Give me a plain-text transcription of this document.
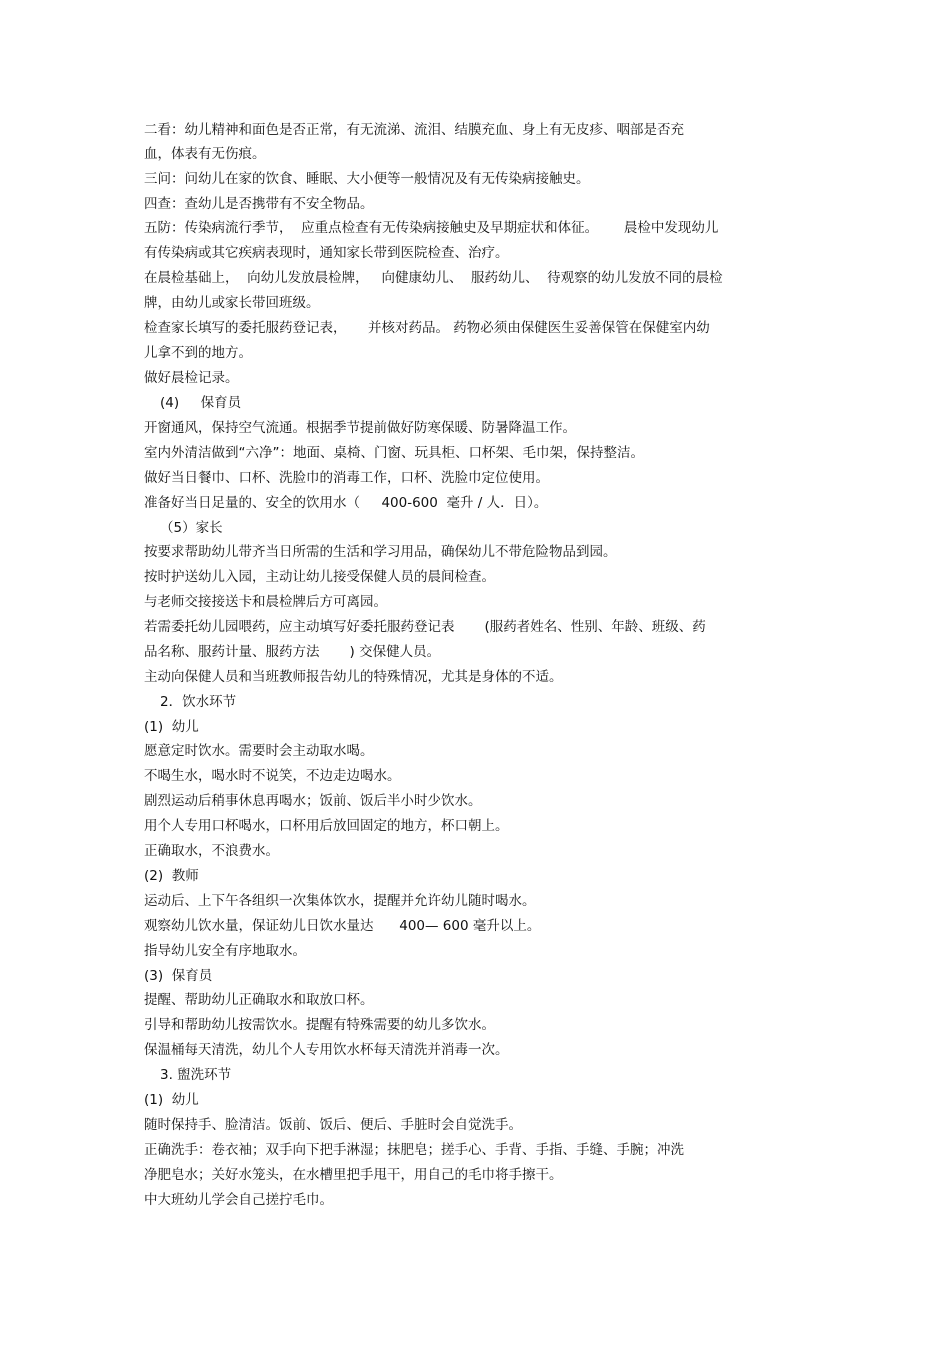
二看：幼儿精神和面色是否正常，有无流涕、流泪、结膜充血、身上有无皮疹、咽部是否充
血，体表有无伤痕。
三问：问幼儿在家的饮食、睡眠、大小便等一般情况及有无传染病接触史。
四查：查幼儿是否携带有不安全物品。
五防：传染病流行季节，  应重点检查有无传染病接触史及早期症状和体征。      晨检中发现幼儿
有传染病或其它疾病表现时，通知家长带到医院检查、治疗。
在晨检基础上，  向幼儿发放晨检牌，   向健康幼儿、  服药幼儿、  待观察的幼儿发放不同的晨检
牌，由幼儿或家长带回班级。
检查家长填写的委托服药登记表，     并核对药品。 药物必须由保健医生妥善保管在保健室内幼
儿拿不到的地方。
做好晨检记录。
(4)     保育员
开窗通风，保持空气流通。根据季节提前做好防寒保暖、防暑降温工作。
室内外清洁做到“六净”：地面、桌椅、门窗、玩具柜、口杯架、毛巾架，保持整洁。
做好当日餐巾、口杯、洗脸巾的消毒工作，口杯、洗脸巾定位使用。
准备好当日足量的、安全的饮用水（     400-600  毫升 / 人．日）。
（5）家长
按要求帮助幼儿带齐当日所需的生活和学习用品，确保幼儿不带危险物品到园。
按时护送幼儿入园，主动让幼儿接受保健人员的晨间检查。
与老师交接接送卡和晨检牌后方可离园。
若需委托幼儿园喂药，应主动填写好委托服药登记表       (服药者姓名、性别、年龄、班级、药
品名称、服药计量、服药方法       ) 交保健人员。
主动向保健人员和当班教师报告幼儿的特殊情况，尤其是身体的不适。
2．饮水环节
(1)  幼儿
愿意定时饮水。需要时会主动取水喝。
不喝生水，喝水时不说笑，不边走边喝水。
剧烈运动后稍事休息再喝水；饭前、饭后半小时少饮水。
用个人专用口杯喝水，口杯用后放回固定的地方，杯口朝上。
正确取水，不浪费水。
(2)  教师
运动后、上下午各组织一次集体饮水，提醒并允许幼儿随时喝水。
观察幼儿饮水量，保证幼儿日饮水量达      400— 600 毫升以上。
指导幼儿安全有序地取水。
(3)  保育员
提醒、帮助幼儿正确取水和取放口杯。
引导和帮助幼儿按需饮水。提醒有特殊需要的幼儿多饮水。
保温桶每天清洗，幼儿个人专用饮水杯每天清洗并消毒一次。
3. 盥洗环节
(1)  幼儿
随时保持手、脸清洁。饭前、饭后、便后、手脏时会自觉洗手。
正确洗手：卷衣袖；双手向下把手淋湿；抹肥皂；搓手心、手背、手指、手缝、手腕；冲洗
净肥皂水；关好水笼头，在水槽里把手甩干，用自己的毛巾将手擦干。
中大班幼儿学会自己搓拧毛巾。
